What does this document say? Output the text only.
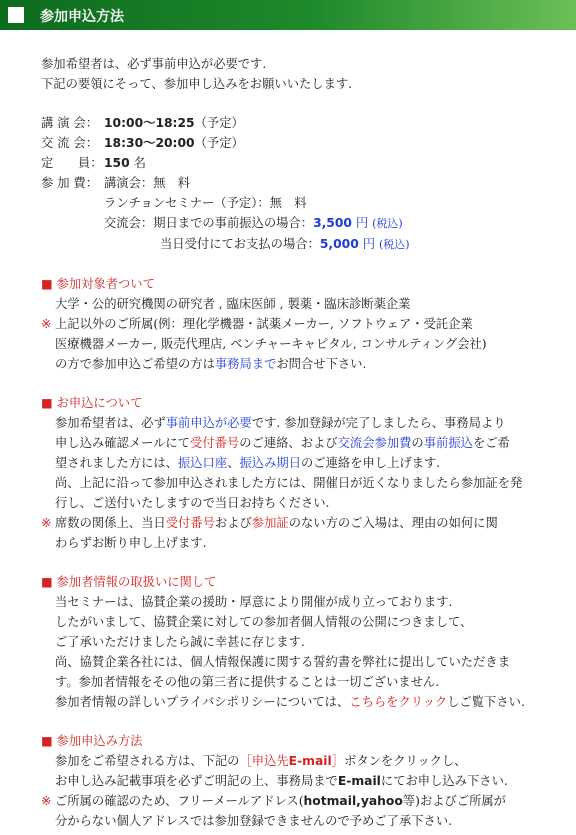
参加申込方法
参加希望者は、必ず事前申込が必要です.
下記の要領にそって、参加申し込みをお願いいたします.
講 演 会： 10:00～18:25 （予定）
交 流 会： 18:30～20:00 （予定）
定　　員： 150
名
参 加 費： 講演会：無　料
ランチョンセミナー（予定）：無　料
交流会：期日までの事前振込の場合：3,500 円 (税込)
当日受付にてお支払の場合：5,000 円 (税込)
■ 参加対象者ついて
大学・公的研究機関の研究者 , 臨床医師 , 製薬・臨床診断薬企業
※ 上記以外のご所属(例：理化学機器・試薬メーカー, ソフトウェア・受託企業
医療機器メーカー, 販売代理店, ベンチャーキャピタル, コンサルティング会社)
の方で参加申込ご希望の方は事務局までお問合せ下さい.
■ お申込について
参加希望者は、必ず事前申込が必要です. 参加登録が完了しましたら、事務局より
申し込み確認メールにて受付番号のご連絡、および交流会参加費の事前振込をご希
望されました方には、振込口座、振込み期日のご連絡を申し上げます.
尚、上記に沿って参加申込されました方には、開催日が近くなりましたら参加証を発
行し、ご送付いたしますので当日お持ちください.
※ 席数の関係上、当日受付番号および参加証のない方のご入場は、理由の如何に関
わらずお断り申し上げます.
■ 参加者情報の取扱いに関して
当セミナーは、協賛企業の援助・厚意により開催が成り立っております.
したがいまして、協賛企業に対しての参加者個人情報の公開につきまして、
ご了承いただけましたら誠に幸甚に存じます.
尚、協賛企業各社には、個人情報保護に関する誓約書を弊社に提出していただきま
す。参加者情報をその他の第三者に提供することは一切ございません.
参加者情報の詳しいプライバシポリシーについては、こちらをクリックしご覧下さい.
■ 参加申込み方法
参加をご希望される方は、下記の［申込先E-mail］ボタンをクリックし、
お申し込み記載事項を必ずご明記の上、事務局までE-mailにてお申し込み下さい.
※ ご所属の確認のため、フリーメールアドレス(hotmail,yahoo等)およびご所属が
分からない個人アドレスでは参加登録できませんので予めご了承下さい.
